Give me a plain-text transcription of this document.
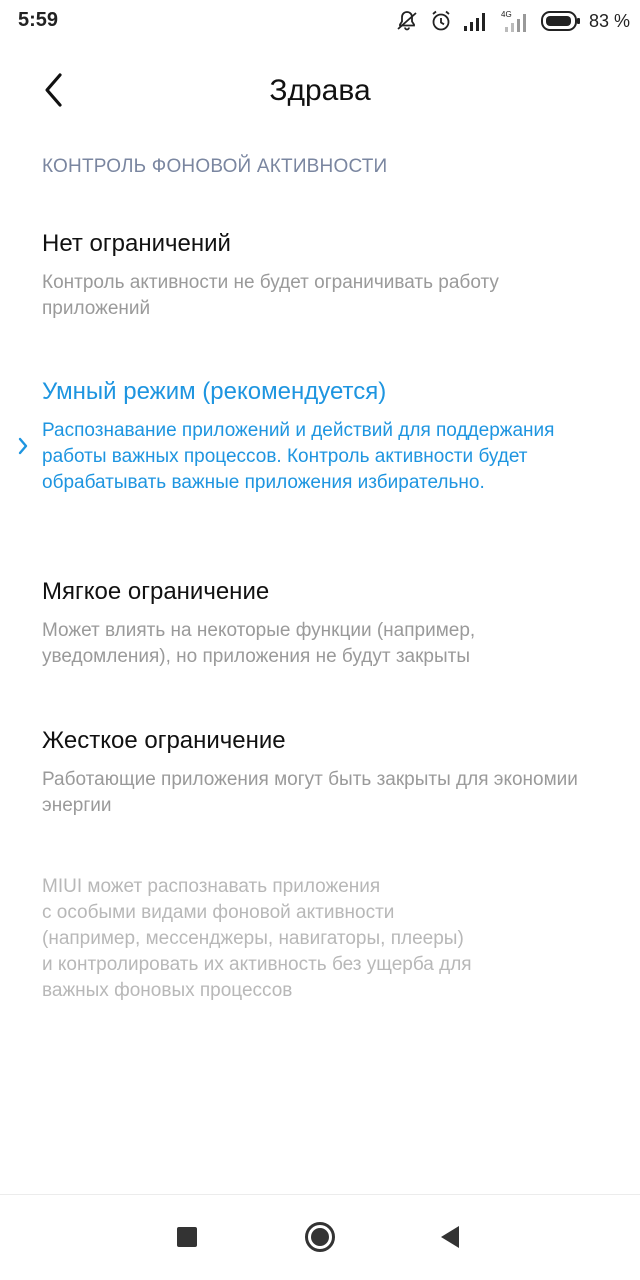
5:59	4G	83 %
Здрава
КОНТРОЛЬ ФОНОВОЙ АКТИВНОСТИ
Нет ограничений
Контроль активности не будет ограничивать работу приложений
Умный режим (рекомендуется)
Распознавание приложений и действий для поддержания работы важных процессов. Контроль активности будет обрабатывать важные приложения избирательно.
Мягкое ограничение
Может влиять на некоторые функции (например, уведомления), но приложения не будут закрыты
Жесткое ограничение
Работающие приложения могут быть закрыты для экономии энергии
MIUI может распознавать приложения
с особыми видами фоновой активности
(например, мессенджеры, навигаторы, плееры)
и контролировать их активность без ущерба для
важных фоновых процессов
